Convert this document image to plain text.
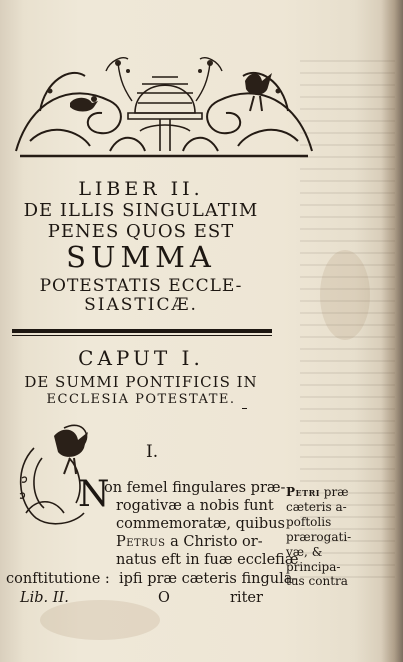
LIBER II.
DE ILLIS SINGULATIM
PENES QUOS EST
SUMMA
POTESTATIS ECCLE-
SIASTICÆ.
CAPUT I.
DE SUMMI PONTIFICIS IN
ECCLESIA POTESTATE.
I.
N
on femel fingulares præ-
rogativæ a nobis funt
commemoratæ, quibus
Petrus a Christo or-
natus eft in fuæ ecclefiæ
conftitutione : ipfi præ cæteris fingula-
Petri præ
cæteris a-
poftolis
prærogati-
væ, &
principa-
tus contra
Lib. II.	O	riter
